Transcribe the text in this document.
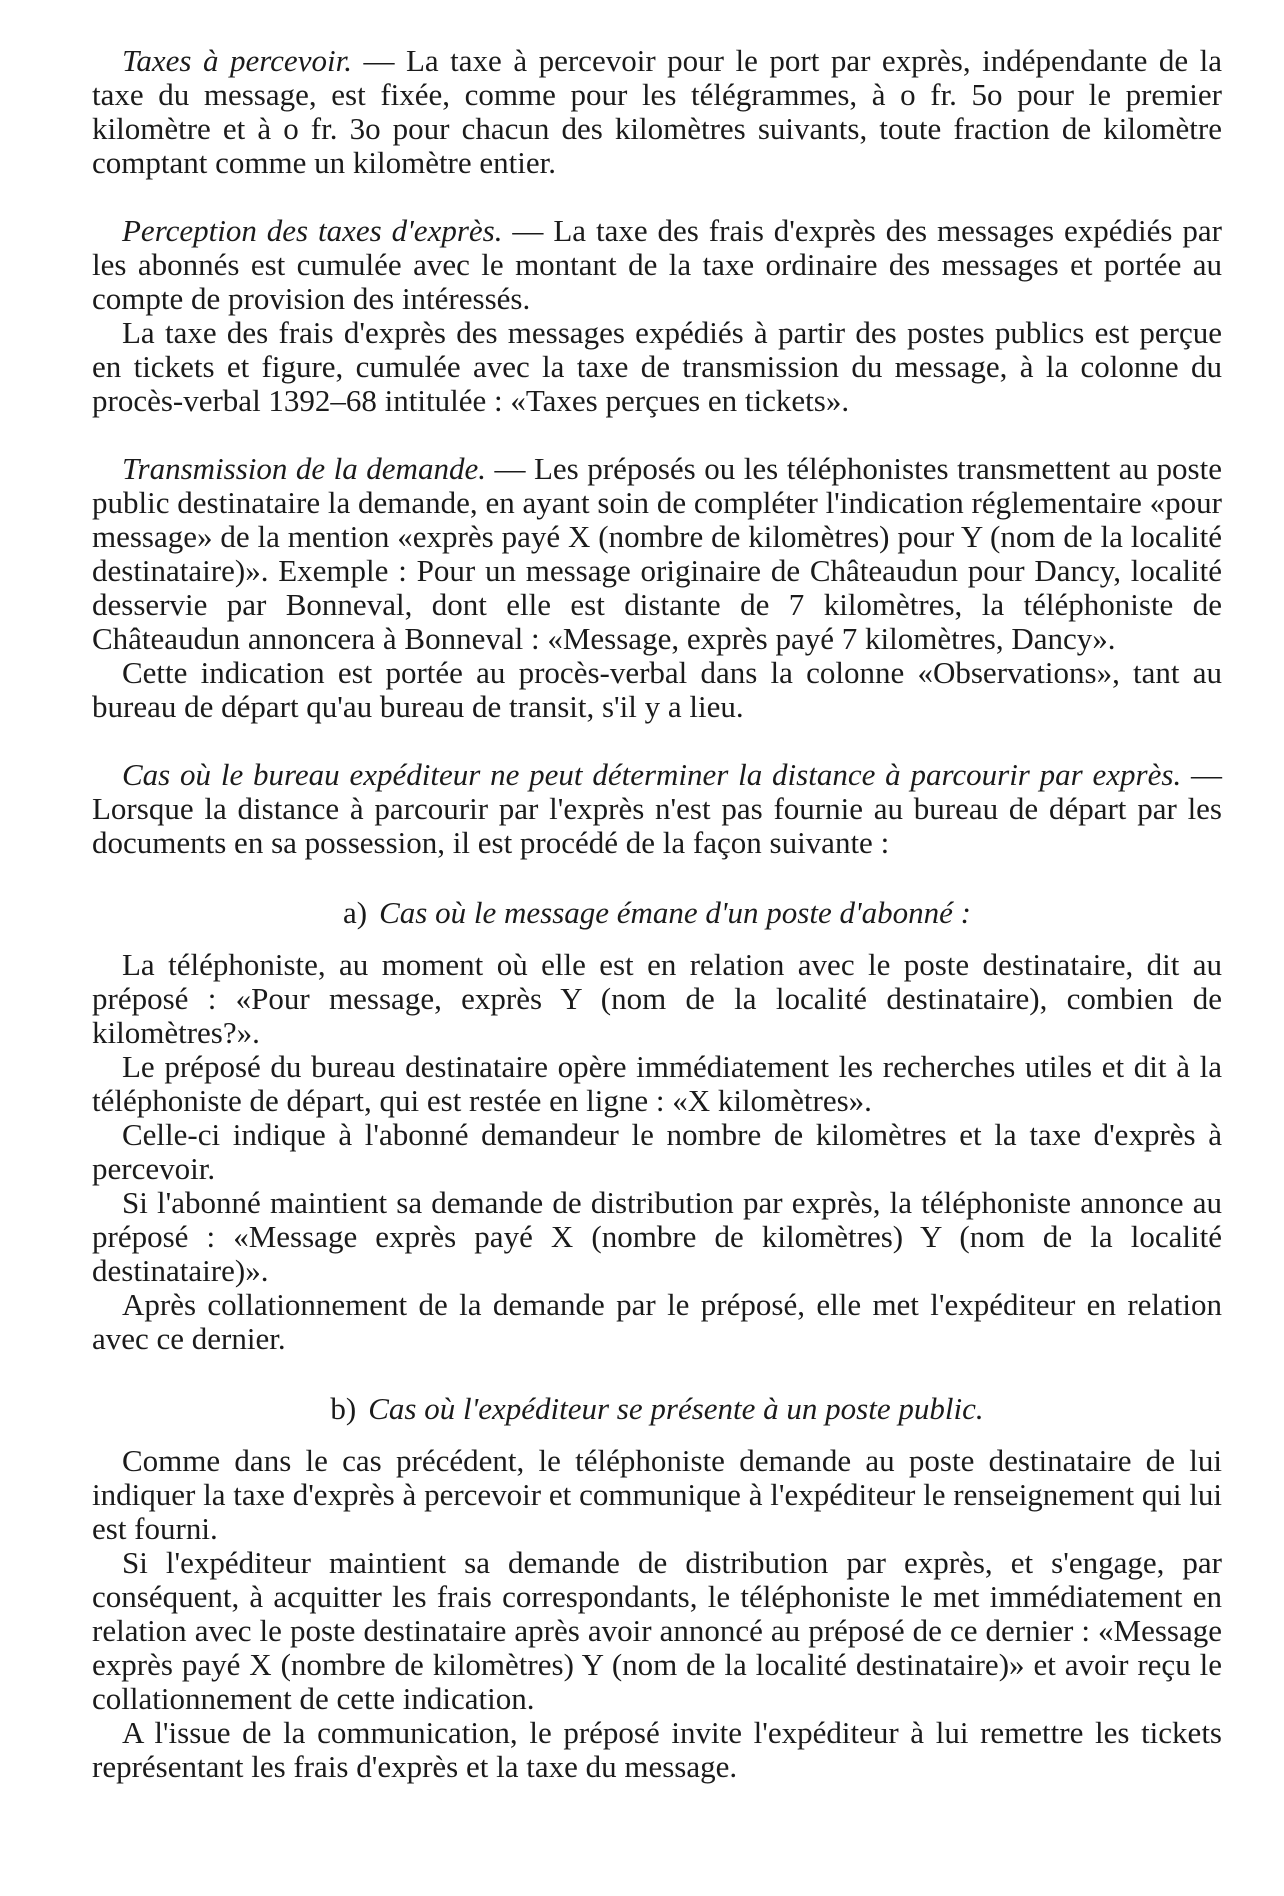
Taxes à percevoir. — La taxe à percevoir pour le port par exprès, indépendante de la taxe du message, est fixée, comme pour les télégrammes, à o fr. 5o pour le premier kilomètre et à o fr. 3o pour chacun des kilomètres suivants, toute fraction de kilomètre comptant comme un kilomètre entier.

Perception des taxes d'exprès. — La taxe des frais d'exprès des messages expédiés par les abonnés est cumulée avec le montant de la taxe ordinaire des messages et portée au compte de provision des intéressés.

La taxe des frais d'exprès des messages expédiés à partir des postes publics est perçue en tickets et figure, cumulée avec la taxe de transmission du message, à la colonne du procès-verbal 1392–68 intitulée : «Taxes perçues en tickets».

Transmission de la demande. — Les préposés ou les téléphonistes transmettent au poste public destinataire la demande, en ayant soin de compléter l'indication réglementaire «pour message» de la mention «exprès payé X (nombre de kilomètres) pour Y (nom de la localité destinataire)». Exemple : Pour un message originaire de Châteaudun pour Dancy, localité desservie par Bonneval, dont elle est distante de 7 kilomètres, la téléphoniste de Châteaudun annoncera à Bonneval : «Message, exprès payé 7 kilomètres, Dancy».

Cette indication est portée au procès-verbal dans la colonne «Observations», tant au bureau de départ qu'au bureau de transit, s'il y a lieu.

Cas où le bureau expéditeur ne peut déterminer la distance à parcourir par exprès. — Lorsque la distance à parcourir par l'exprès n'est pas fournie au bureau de départ par les documents en sa possession, il est procédé de la façon suivante :

a) Cas où le message émane d'un poste d'abonné :

La téléphoniste, au moment où elle est en relation avec le poste destinataire, dit au préposé : «Pour message, exprès Y (nom de la localité destinataire), combien de kilomètres?».

Le préposé du bureau destinataire opère immédiatement les recherches utiles et dit à la téléphoniste de départ, qui est restée en ligne : «X kilomètres».

Celle-ci indique à l'abonné demandeur le nombre de kilomètres et la taxe d'exprès à percevoir.

Si l'abonné maintient sa demande de distribution par exprès, la téléphoniste annonce au préposé : «Message exprès payé X (nombre de kilomètres) Y (nom de la localité destinataire)».

Après collationnement de la demande par le préposé, elle met l'expéditeur en relation avec ce dernier.

b) Cas où l'expéditeur se présente à un poste public.

Comme dans le cas précédent, le téléphoniste demande au poste destinataire de lui indiquer la taxe d'exprès à percevoir et communique à l'expéditeur le renseignement qui lui est fourni.

Si l'expéditeur maintient sa demande de distribution par exprès, et s'engage, par conséquent, à acquitter les frais correspondants, le téléphoniste le met immédiatement en relation avec le poste destinataire après avoir annoncé au préposé de ce dernier : «Message exprès payé X (nombre de kilomètres) Y (nom de la localité destinataire)» et avoir reçu le collationnement de cette indication.

A l'issue de la communication, le préposé invite l'expéditeur à lui remettre les tickets représentant les frais d'exprès et la taxe du message.
